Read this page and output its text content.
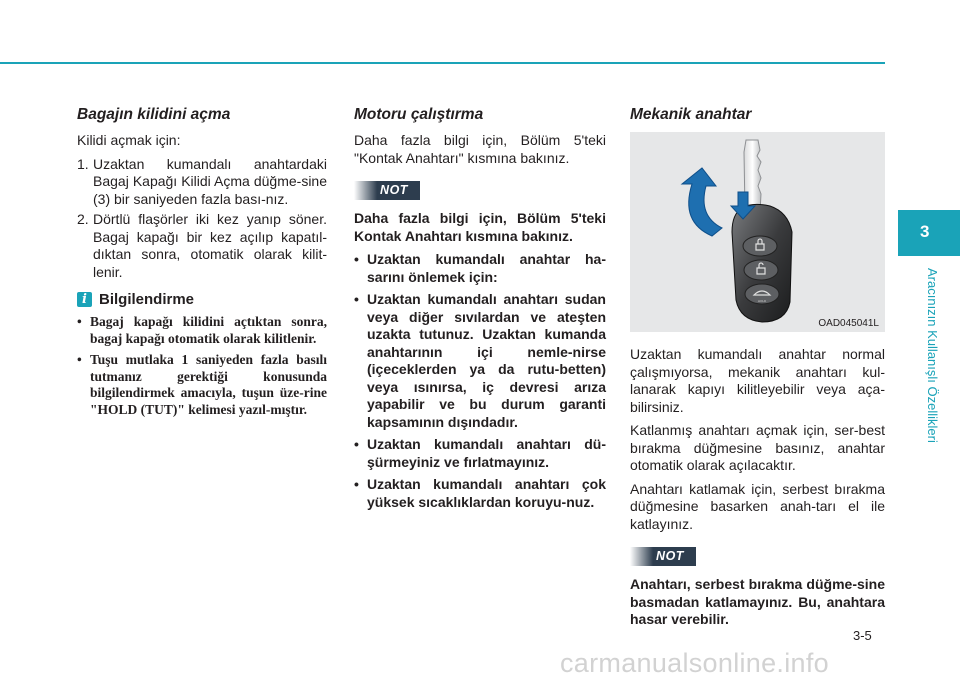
Bagajın kilidini açma

Kilidi açmak için:

1. Uzaktan kumandalı anahtardaki Bagaj Kapağı Kilidi Açma düğme-sine (3) bir saniyeden fazla bası-nız.
2. Dörtlü flaşörler iki kez yanıp söner. Bagaj kapağı bir kez açılıp kapatıl-dıktan sonra, otomatik olarak kilit-lenir.
i Bilgilendirme
• Bagaj kapağı kilidini açtıktan sonra, bagaj kapağı otomatik olarak kilitlenir.
• Tuşu mutlaka 1 saniyeden fazla basılı tutmanız gerektiği konusunda bilgilendirmek amacıyla, tuşun üze-rine "HOLD (TUT)" kelimesi yazıl-mıştır.
Motoru çalıştırma

Daha fazla bilgi için, Bölüm 5'teki "Kontak Anahtarı" kısmına bakınız.

NOT

Daha fazla bilgi için, Bölüm 5'teki Kontak Anahtarı kısmına bakınız.

• Uzaktan kumandalı anahtar ha-sarını önlemek için:
• Uzaktan kumandalı anahtarı sudan veya diğer sıvılardan ve ateşten uzakta tutunuz. Uzaktan kumanda anahtarının içi nemle-nirse (içeceklerden ya da rutu-betten) veya ısınırsa, iç devresi arıza yapabilir ve bu durum garanti kapsamının dışındadır.
• Uzaktan kumandalı anahtarı dü-şürmeyiniz ve fırlatmayınız.
• Uzaktan kumandalı anahtarı çok yüksek sıcaklıklardan koruyu-nuz.
Mekanik anahtar
HOLD
OAD045041L

Uzaktan kumandalı anahtar normal çalışmıyorsa, mekanik anahtarı kul-lanarak kapıyı kilitleyebilir veya aça-bilirsiniz.

Katlanmış anahtarı açmak için, ser-best bırakma düğmesine basınız, anahtar otomatik olarak açılacaktır.

Anahtarı katlamak için, serbest bırakma düğmesine basarken anah-tarı el ile katlayınız.

NOT

Anahtarı, serbest bırakma düğme-sine basmadan katlamayınız. Bu, anahtara hasar verebilir.

3
Aracınızın Kullanışlı Özellikleri
3-5
carmanualsonline.info
